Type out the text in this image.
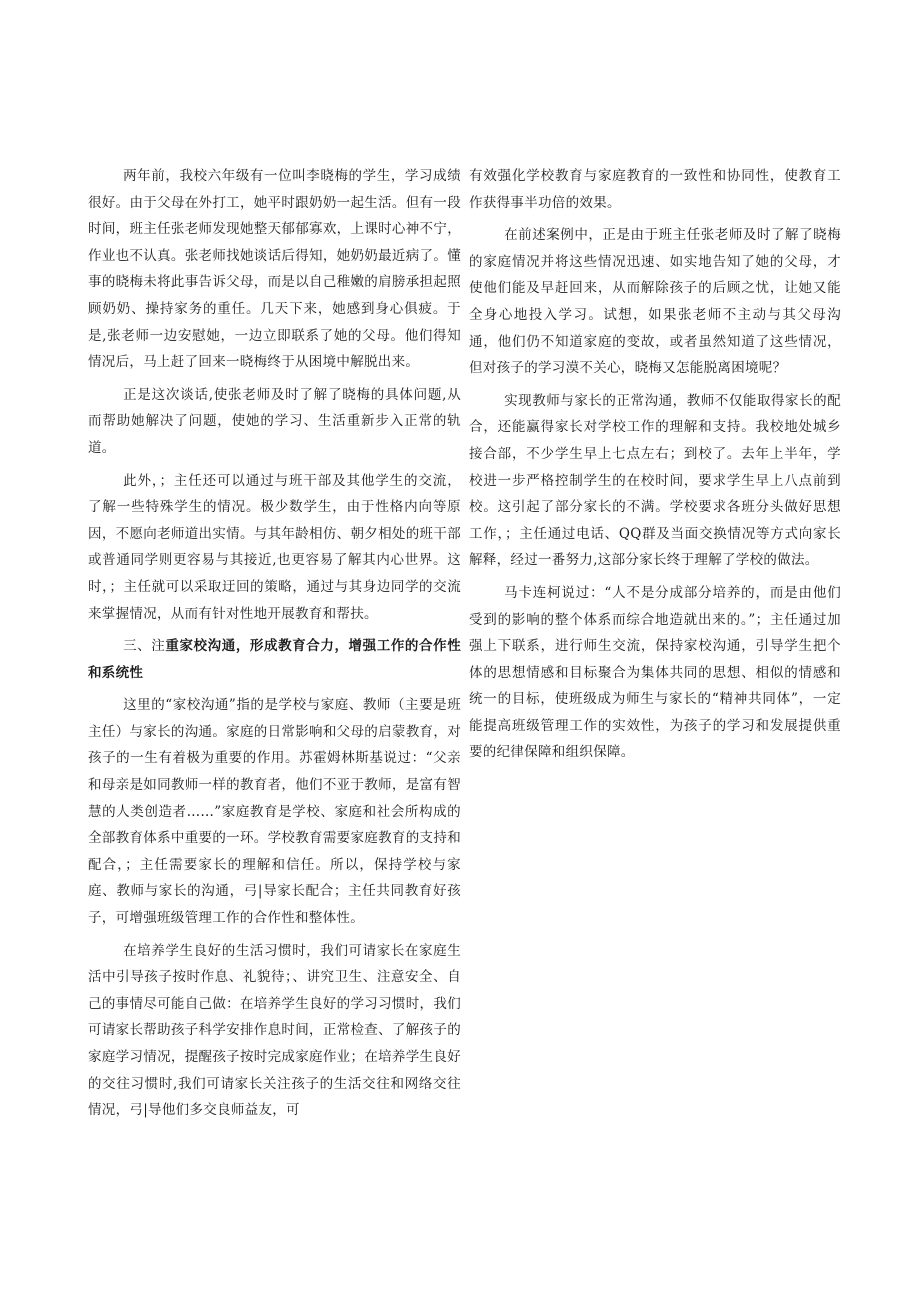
两年前，我校六年级有一位叫李晓梅的学生，学习成绩很好。由于父母在外打工，她平时跟奶奶一起生活。但有一段时间，班主任张老师发现她整天郁郁寡欢，上课时心神不宁，作业也不认真。张老师找她谈话后得知，她奶奶最近病了。懂事的晓梅未将此事告诉父母，而是以自己稚嫩的肩膀承担起照顾奶奶、操持家务的重任。几天下来，她感到身心俱疲。于是,张老师一边安慰她，一边立即联系了她的父母。他们得知情况后，马上赶了回来一晓梅终于从困境中解脱出来。

正是这次谈话,使张老师及时了解了晓梅的具体问题,从而帮助她解决了问题，使她的学习、生活重新步入正常的轨道。

此外，；主任还可以通过与班干部及其他学生的交流，了解一些特殊学生的情况。极少数学生，由于性格内向等原因，不愿向老师道出实情。与其年龄相仿、朝夕相处的班干部或普通同学则更容易与其接近,也更容易了解其内心世界。这时，；主任就可以采取迂回的策略，通过与其身边同学的交流来掌握情况，从而有针对性地开展教育和帮扶。

三、注重家校沟通，形成教育合力，增强工作的合作性和系统性

这里的“家校沟通”指的是学校与家庭、教师（主要是班主任）与家长的沟通。家庭的日常影响和父母的启蒙教育，对孩子的一生有着极为重要的作用。苏霍姆林斯基说过：“父亲和母亲是如同教师一样的教育者，他们不亚于教师，是富有智慧的人类创造者……”家庭教育是学校、家庭和社会所构成的全部教育体系中重要的一环。学校教育需要家庭教育的支持和配合，；主任需要家长的理解和信任。所以，保持学校与家庭、教师与家长的沟通，弓|导家长配合；主任共同教育好孩子，可增强班级管理工作的合作性和整体性。

在培养学生良好的生活习惯时，我们可请家长在家庭生活中引导孩子按时作息、礼貌待；、讲究卫生、注意安全、自己的事情尽可能自己做：在培养学生良好的学习习惯时，我们可请家长帮助孩子科学安排作息时间，正常检查、了解孩子的家庭学习情况，提醒孩子按时完成家庭作业；在培养学生良好的交往习惯时,我们可请家长关注孩子的生活交往和网络交往情况，弓|导他们多交良师益友，可

有效强化学校教育与家庭教育的一致性和协同性，使教育工作获得事半功倍的效果。

在前述案例中，正是由于班主任张老师及时了解了晓梅的家庭情况并将这些情况迅速、如实地告知了她的父母，才使他们能及早赶回来，从而解除孩子的后顾之忧，让她又能全身心地投入学习。试想，如果张老师不主动与其父母沟通，他们仍不知道家庭的变故，或者虽然知道了这些情况，但对孩子的学习漠不关心，晓梅又怎能脱离困境呢？

实现教师与家长的正常沟通，教师不仅能取得家长的配合，还能赢得家长对学校工作的理解和支持。我校地处城乡接合部，不少学生早上七点左右；到校了。去年上半年，学校进一步严格控制学生的在校时间，要求学生早上八点前到校。这引起了部分家长的不满。学校要求各班分头做好思想工作，；主任通过电话、QQ群及当面交换情况等方式向家长解释，经过一番努力,这部分家长终于理解了学校的做法。

马卡连柯说过：“人不是分成部分培养的，而是由他们受到的影响的整个体系而综合地造就出来的。”；主任通过加强上下联系，进行师生交流，保持家校沟通，引导学生把个体的思想情感和目标聚合为集体共同的思想、相似的情感和统一的目标，使班级成为师生与家长的“精神共同体”，一定能提高班级管理工作的实效性，为孩子的学习和发展提供重要的纪律保障和组织保障。
